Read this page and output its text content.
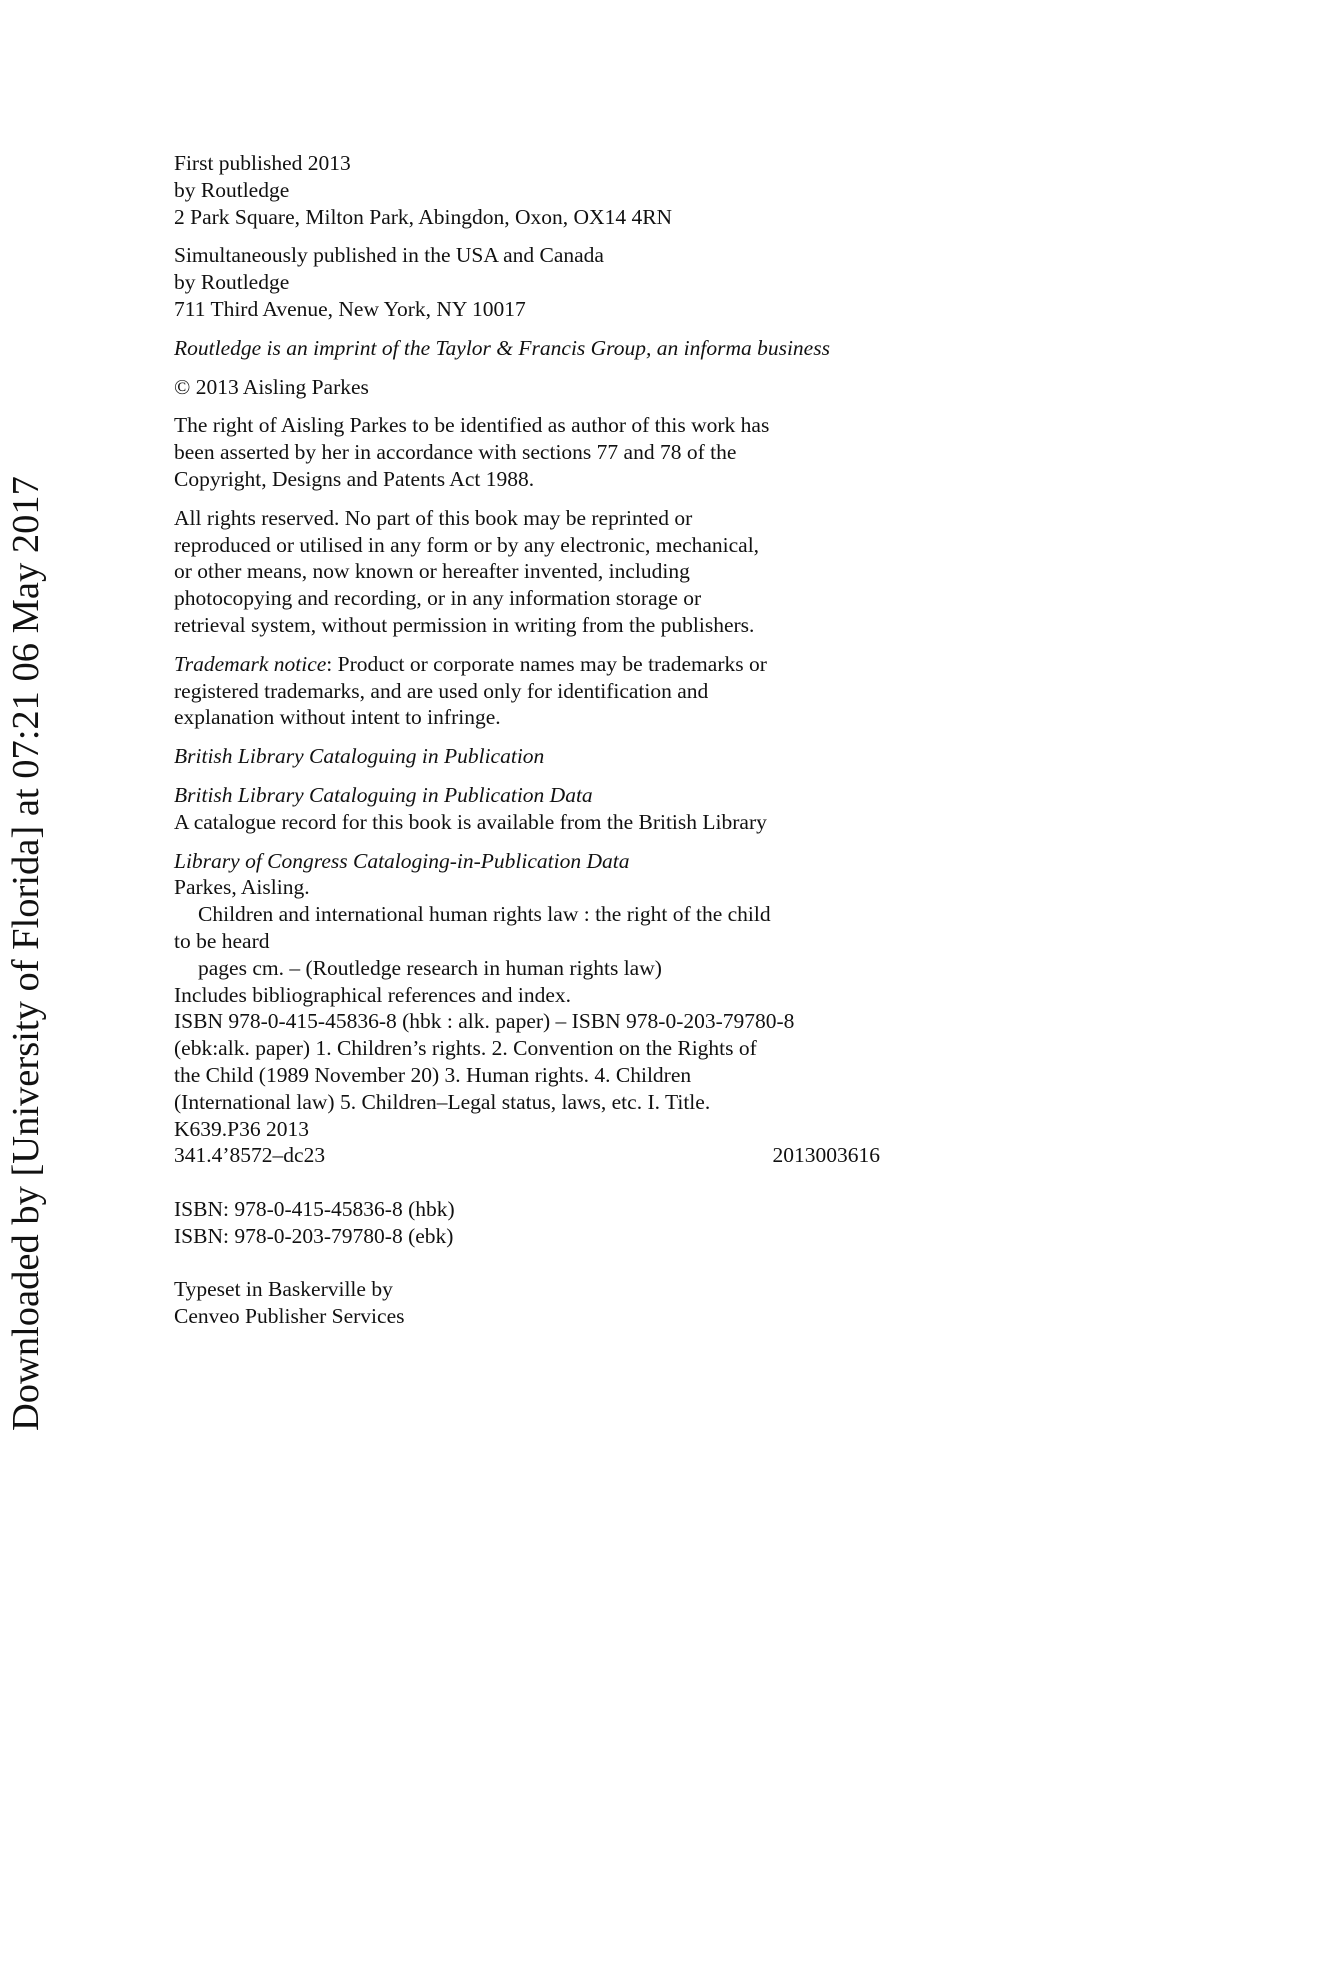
Downloaded by [University of Florida] at 07:21 06 May 2017
First published 2013
by Routledge
2 Park Square, Milton Park, Abingdon, Oxon, OX14 4RN
Simultaneously published in the USA and Canada
by Routledge
711 Third Avenue, New York, NY 10017
Routledge is an imprint of the Taylor & Francis Group, an informa business
© 2013 Aisling Parkes
The right of Aisling Parkes to be identified as author of this work has
been asserted by her in accordance with sections 77 and 78 of the
Copyright, Designs and Patents Act 1988.
All rights reserved. No part of this book may be reprinted or
reproduced or utilised in any form or by any electronic, mechanical,
or other means, now known or hereafter invented, including
photocopying and recording, or in any information storage or
retrieval system, without permission in writing from the publishers.
Trademark notice: Product or corporate names may be trademarks or
registered trademarks, and are used only for identification and
explanation without intent to infringe.
British Library Cataloguing in Publication
British Library Cataloguing in Publication Data
A catalogue record for this book is available from the British Library
Library of Congress Cataloging-in-Publication Data
Parkes, Aisling.
Children and international human rights law : the right of the child
to be heard
pages cm. – (Routledge research in human rights law)
Includes bibliographical references and index.
ISBN 978-0-415-45836-8 (hbk : alk. paper) – ISBN 978-0-203-79780-8
(ebk:alk. paper) 1. Children’s rights. 2. Convention on the Rights of
the Child (1989 November 20) 3. Human rights. 4. Children
(International law) 5. Children–Legal status, laws, etc. I. Title.
K639.P36 2013
341.4’8572–dc23	2013003616
ISBN: 978-0-415-45836-8 (hbk)
ISBN: 978-0-203-79780-8 (ebk)
Typeset in Baskerville by
Cenveo Publisher Services
